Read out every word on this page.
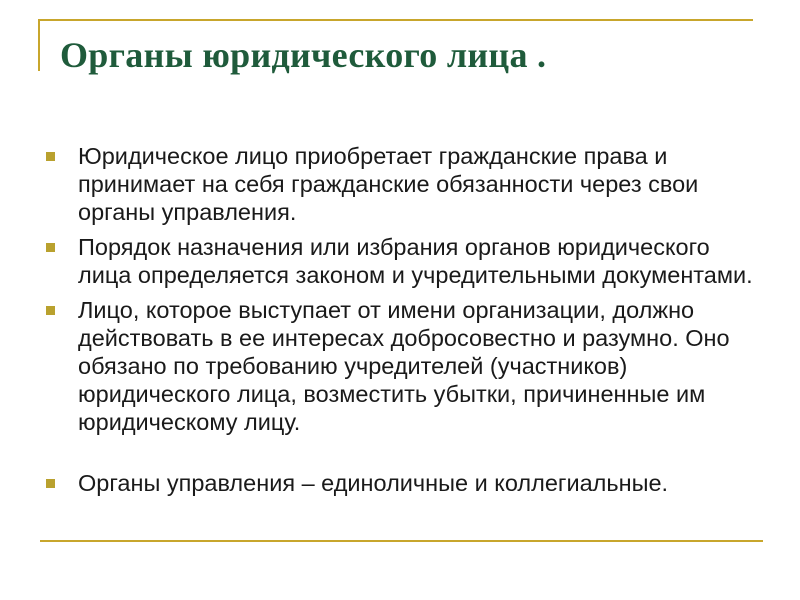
Органы юридического лица .
Юридическое лицо приобретает гражданские права и принимает на себя гражданские обязанности через свои органы управления.
Порядок назначения или избрания органов юридического лица определяется законом и учредительными документами.
Лицо, которое выступает от имени организации, должно действовать в ее интересах добросовестно и разумно. Оно обязано по требованию учредителей (участников) юридического лица, возместить убытки, причиненные им юридическому лицу.
Органы управления – единоличные и коллегиальные.
